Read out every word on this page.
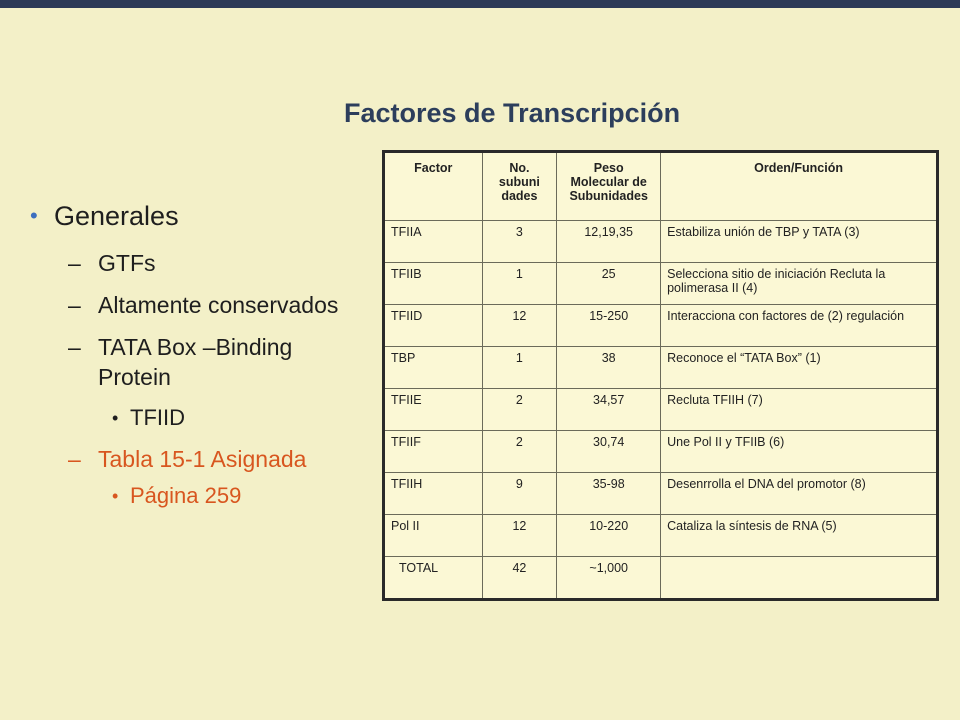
Factores de Transcripción
• Generales
– GTFs
– Altamente conservados
– TATA Box –Binding Protein
• TFIID
– Tabla 15-1 Asignada
• Página 259
Factor	No. subuni dades	Peso Molecular de Subunidades	Orden/Función
TFIIA	3	12,19,35	Estabiliza unión de TBP y TATA (3)
TFIIB	1	25	Selecciona sitio de iniciación Recluta la polimerasa II (4)
TFIID	12	15-250	Interacciona con factores de (2) regulación
TBP	1	38	Reconoce el “TATA Box” (1)
TFIIE	2	34,57	Recluta TFIIH (7)
TFIIF	2	30,74	Une Pol II y TFIIB (6)
TFIIH	9	35-98	Desenrrolla el DNA del promotor (8)
Pol II	12	10-220	Cataliza la síntesis de RNA (5)
TOTAL	42	~1,000	
